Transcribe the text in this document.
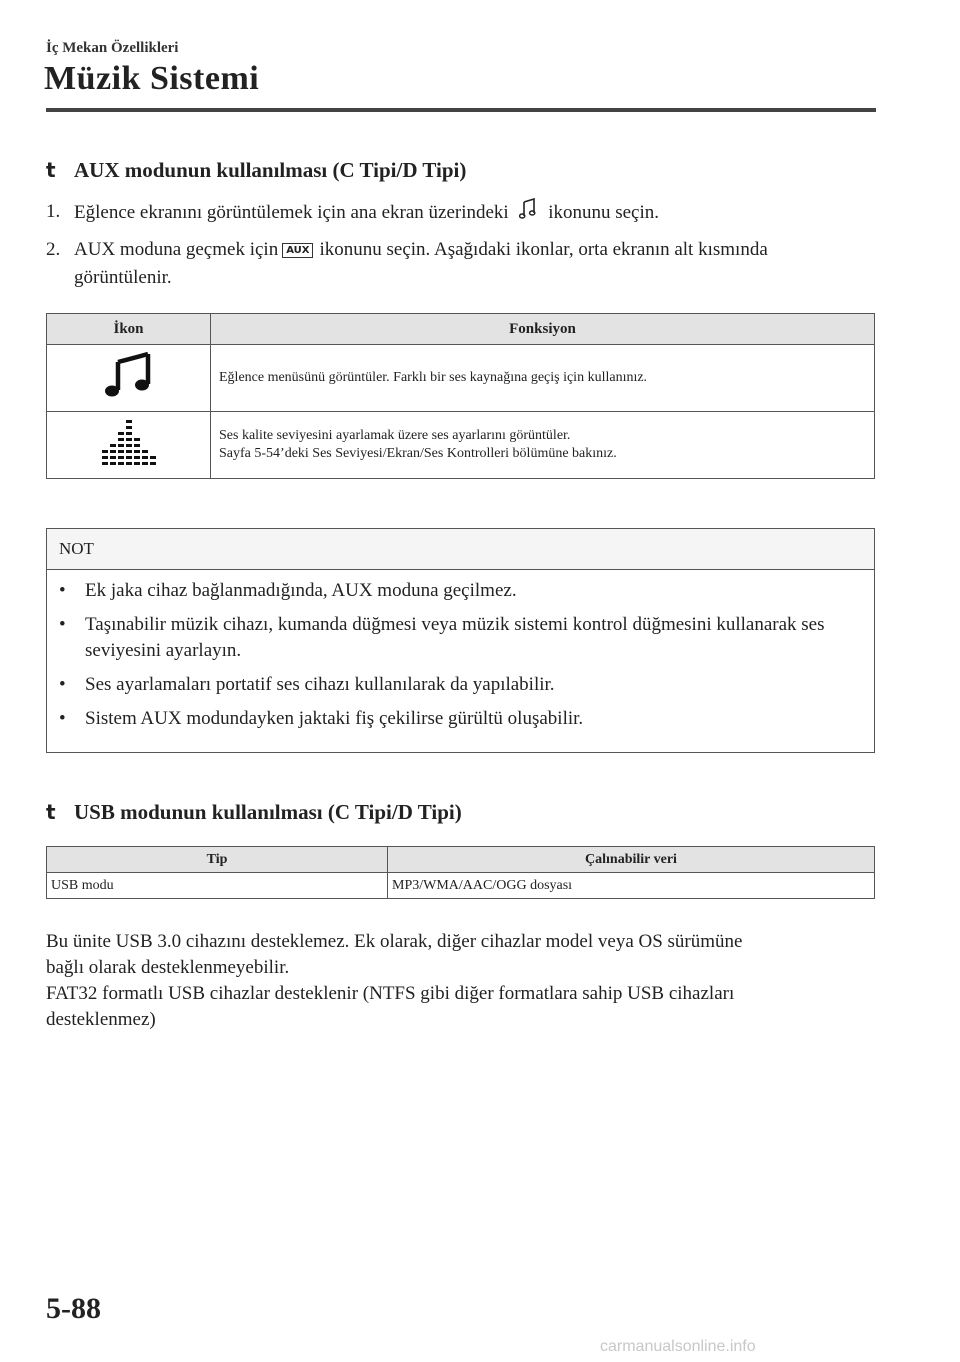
İç Mekan Özellikleri
Müzik Sistemi
t AUX modunun kullanılması (C Tipi/D Tipi)
1. Eğlence ekranını görüntülemek için ana ekran üzerindeki ikonunu seçin.
2. AUX moduna geçmek için AUX ikonunu seçin. Aşağıdaki ikonlar, orta ekranın alt kısmında görüntülenir.
İkon	Fonksiyon

Eğlence menüsünü görüntüler. Farklı bir ses kaynağına geçiş için kullanınız.

Ses kalite seviyesini ayarlamak üzere ses ayarlarını görüntüler.
Sayfa 5-54’deki Ses Seviyesi/Ekran/Ses Kontrolleri bölümüne bakınız.
NOT
•	Ek jaka cihaz bağlanmadığında, AUX moduna geçilmez.
•	Taşınabilir müzik cihazı, kumanda düğmesi veya müzik sistemi kontrol düğmesini kullanarak ses seviyesini ayarlayın.
•	Ses ayarlamaları portatif ses cihazı kullanılarak da yapılabilir.
•	Sistem AUX modundayken jaktaki fiş çekilirse gürültü oluşabilir.
t USB modunun kullanılması (C Tipi/D Tipi)
Tip	Çalınabilir veri
USB modu	MP3/WMA/AAC/OGG dosyası
Bu ünite USB 3.0 cihazını desteklemez. Ek olarak, diğer cihazlar model veya OS sürümüne
bağlı olarak desteklenmeyebilir.
FAT32 formatlı USB cihazlar desteklenir (NTFS gibi diğer formatlara sahip USB cihazları
desteklenmez)
5-88
carmanualsonline.info
